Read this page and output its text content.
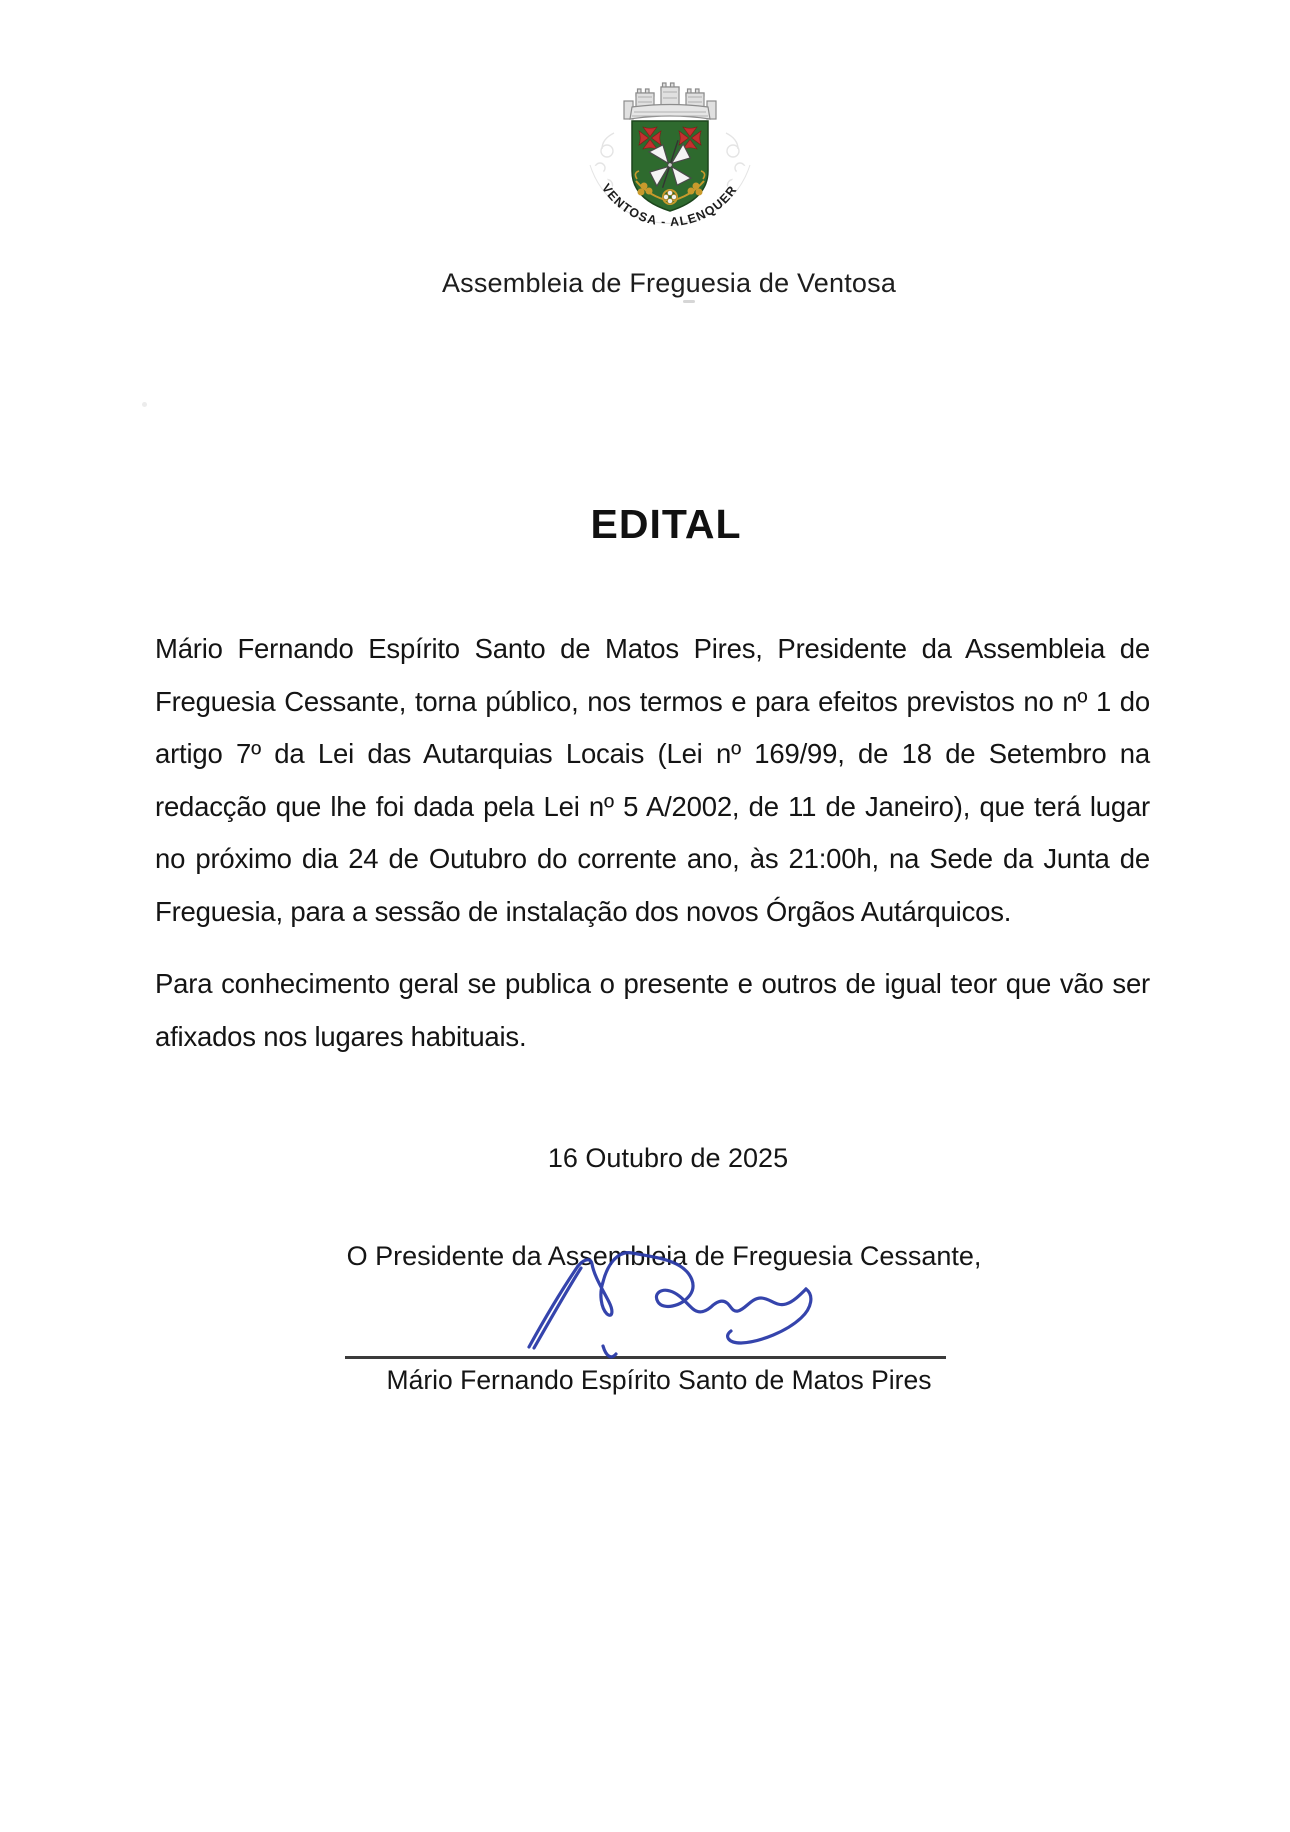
VENTOSA - ALENQUER
Assembleia de Freguesia de Ventosa
EDITAL
Mário Fernando Espírito Santo de Matos Pires, Presidente da Assembleia de
Freguesia Cessante, torna público, nos termos e para efeitos previstos no nº 1 do
artigo 7º da Lei das Autarquias Locais (Lei nº 169/99, de 18 de Setembro na
redacção que lhe foi dada pela Lei nº 5 A/2002, de 11 de Janeiro), que terá lugar
no próximo dia 24 de Outubro do corrente ano, às 21:00h, na Sede da Junta de
Freguesia, para a sessão de instalação dos novos Órgãos Autárquicos.
Para conhecimento geral se publica o presente e outros de igual teor que vão ser
afixados nos lugares habituais.
16 Outubro de 2025
O Presidente da Assembleia de Freguesia Cessante,
Mário Fernando Espírito Santo de Matos Pires
